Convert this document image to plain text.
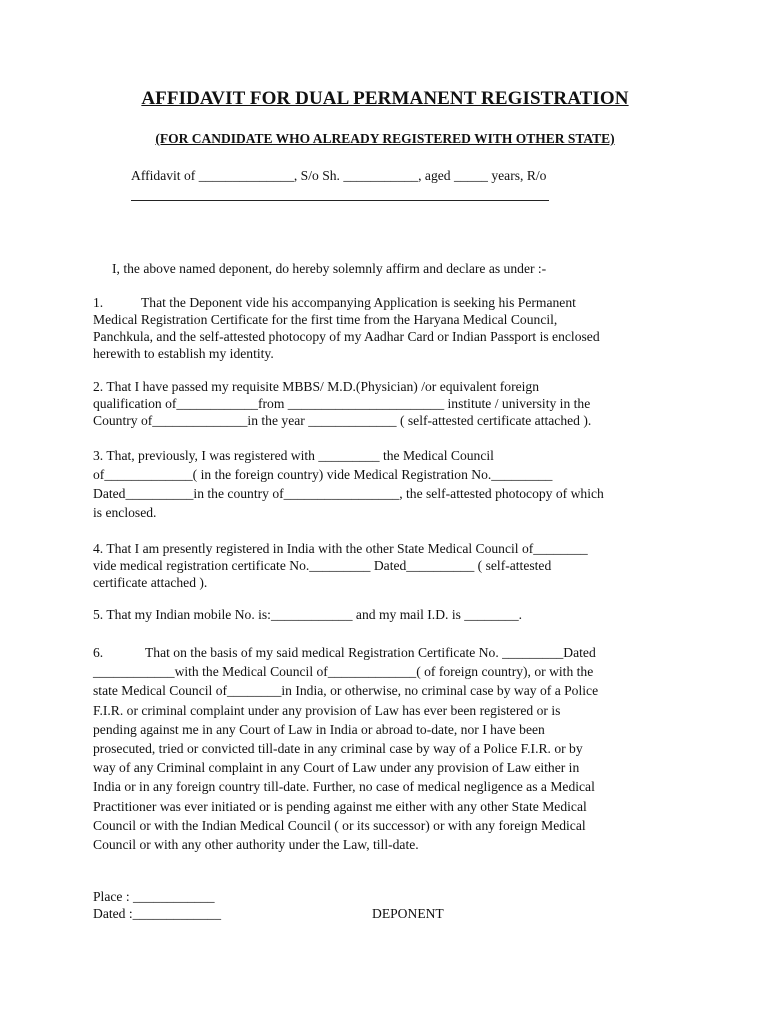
AFFIDAVIT FOR DUAL PERMANENT REGISTRATION
(FOR CANDIDATE WHO ALREADY REGISTERED WITH OTHER STATE)
Affidavit of ______________, S/o Sh. ___________, aged _____ years, R/o
I, the above named deponent, do hereby solemnly affirm and declare as under :-
1.	That the Deponent vide his accompanying Application is seeking his Permanent
Medical Registration Certificate for the first time from the Haryana Medical Council,
Panchkula, and the self-attested photocopy of my Aadhar Card or Indian Passport is enclosed
herewith to establish my identity.
2. That I have passed my requisite MBBS/ M.D.(Physician) /or equivalent foreign
qualification of____________from _______________________ institute / university in the
Country of______________in the year _____________ ( self-attested certificate attached ).
3. That, previously, I was registered with _________ the Medical Council
of_____________( in the foreign country) vide Medical Registration No._________
Dated__________in the country of_________________, the self-attested photocopy of which
is enclosed.
4. That I am presently registered in India with the other State Medical Council of________
vide medical registration certificate No._________ Dated__________ ( self-attested
certificate attached ).
5. That my Indian mobile No. is:____________ and my mail I.D. is ________.
6.	That on the basis of my said medical Registration Certificate No. _________Dated
____________with the Medical Council of_____________( of foreign country), or with the
state Medical Council of________in India, or otherwise, no criminal case by way of a Police
F.I.R. or criminal complaint under any provision of Law has ever been registered or is
pending against me in any Court of Law in India or abroad to-date, nor I have been
prosecuted, tried or convicted till-date in any criminal case by way of a Police F.I.R. or by
way of any Criminal complaint in any Court of Law under any provision of Law either in
India or in any foreign country till-date. Further, no case of medical negligence as a Medical
Practitioner was ever initiated or is pending against me either with any other State Medical
Council or with the Indian Medical Council ( or its successor) or with any foreign Medical
Council or with any other authority under the Law, till-date.
Place : ____________
Dated :_____________	DEPONENT
